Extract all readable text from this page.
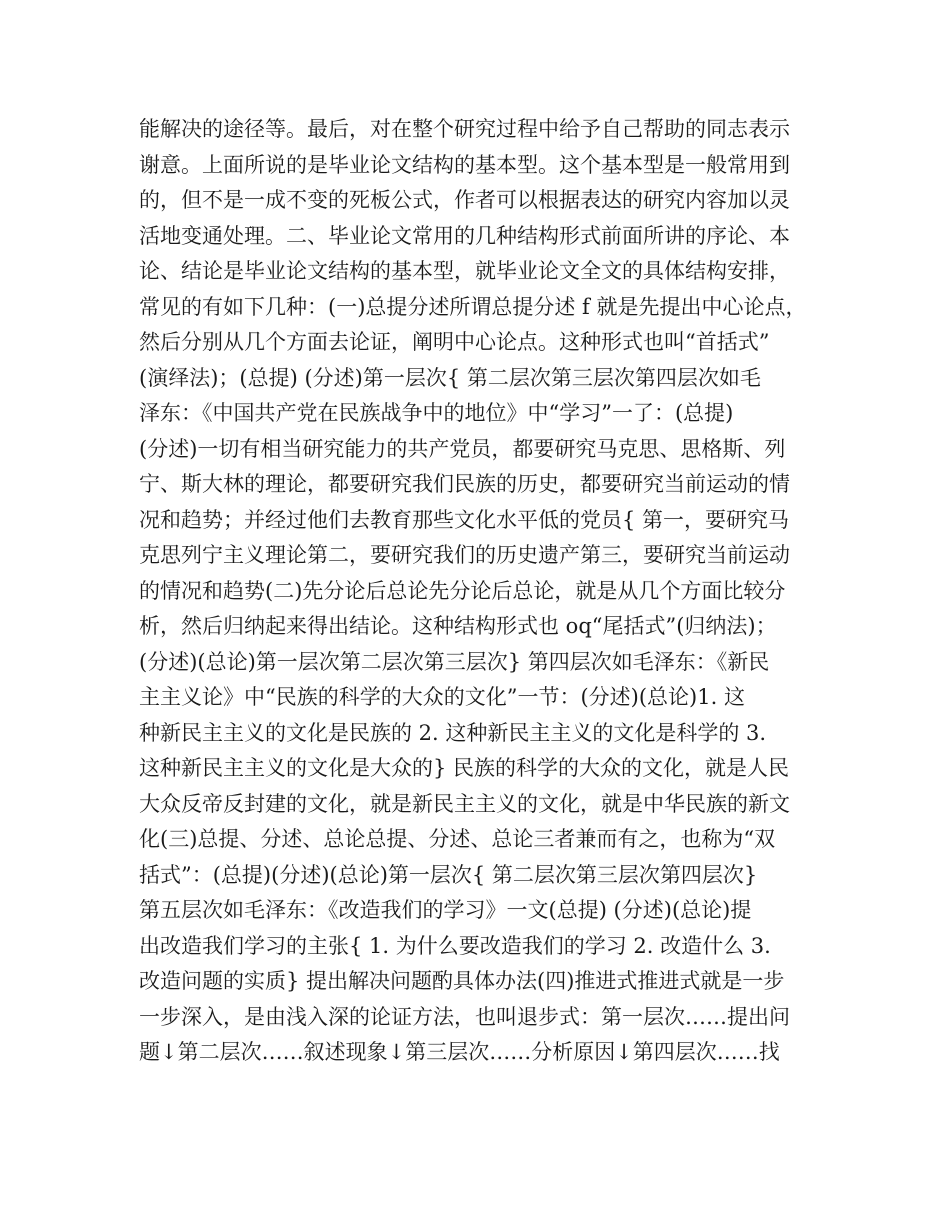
能解决的途径等。最后，对在整个研究过程中给予自己帮助的同志表示
谢意。上面所说的是毕业论文结构的基本型。这个基本型是一般常用到
的，但不是一成不变的死板公式，作者可以根据表达的研究内容加以灵
活地变通处理。二、毕业论文常用的几种结构形式前面所讲的序论、本
论、结论是毕业论文结构的基本型，就毕业论文全文的具体结构安排，
常见的有如下几种：(一)总提分述所谓总提分述 f 就是先提出中心论点，
然后分别从几个方面去论证，阐明中心论点。这种形式也叫“首括式”
(演绎法)；(总提) (分述)第一层次{ 第二层次第三层次第四层次如毛
泽东：《中国共产党在民族战争中的地位》中“学习”一了：(总提)
(分述)一切有相当研究能力的共产党员，都要研究马克思、思格斯、列
宁、斯大林的理论，都要研究我们民族的历史，都要研究当前运动的情
况和趋势；并经过他们去教育那些文化水平低的党员{ 第一，要研究马
克思列宁主义理论第二，要研究我们的历史遗产第三，要研究当前运动
的情况和趋势(二)先分论后总论先分论后总论，就是从几个方面比较分
析，然后归纳起来得出结论。这种结构形式也 oq“尾括式”(归纳法)；
(分述)(总论)第一层次第二层次第三层次} 第四层次如毛泽东：《新民
主主义论》中“民族的科学的大众的文化”一节：(分述)(总论)1. 这
种新民主主义的文化是民族的 2. 这种新民主主义的文化是科学的 3.
这种新民主主义的文化是大众的} 民族的科学的大众的文化，就是人民
大众反帝反封建的文化，就是新民主主义的文化，就是中华民族的新文
化(三)总提、分述、总论总提、分述、总论三者兼而有之，也称为“双
括式”：(总提)(分述)(总论)第一层次{ 第二层次第三层次第四层次}
第五层次如毛泽东：《改造我们的学习》一文(总提) (分述)(总论)提
出改造我们学习的主张{ 1. 为什么要改造我们的学习 2. 改造什么 3.
改造问题的实质} 提出解决问题酌具体办法(四)推进式推进式就是一步
一步深入，是由浅入深的论证方法，也叫退步式：第一层次……提出问
题↓第二层次……叙述现象↓第三层次……分析原因↓第四层次……找
